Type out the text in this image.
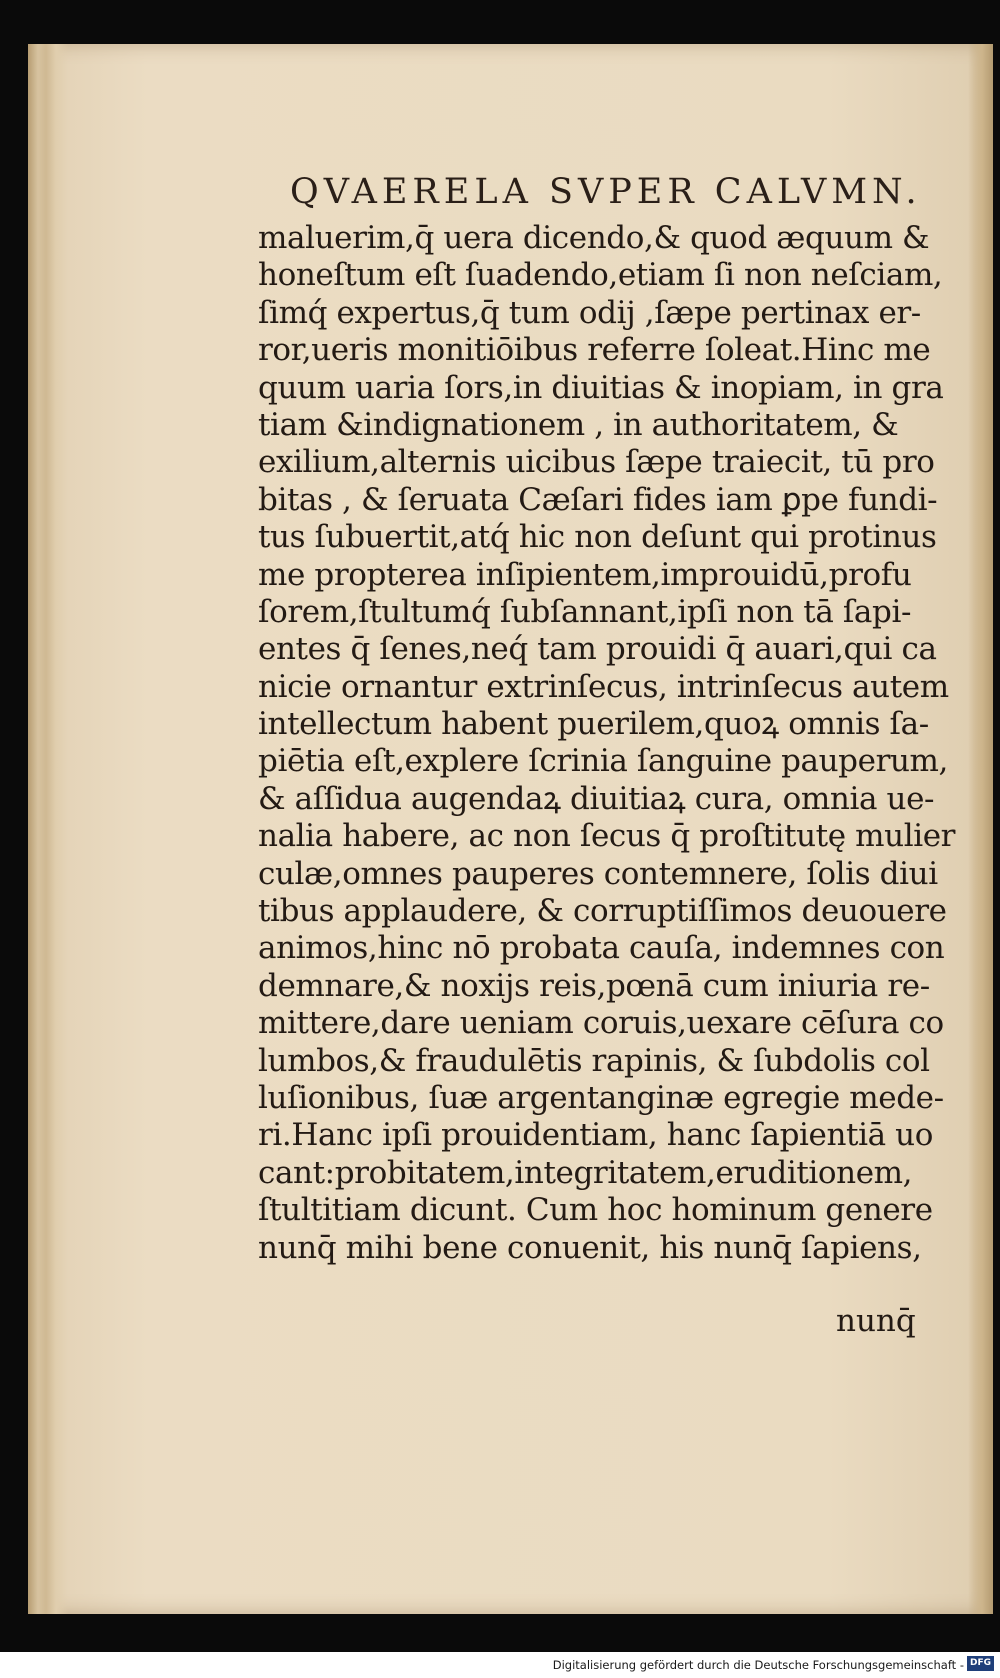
QVAERELA SVPER CALVMN.
maluerim,q̄ uera dicendo,& quod æquum &
honeſtum eſt ſuadendo,etiam ſi non neſciam,
ſimq́ expertus,q̄ tum odij ,ſæpe pertinax er-
ror,ueris monitiōibus referre ſoleat.Hinc me
quum uaria ſors,in diuitias & inopiam, in gra
tiam &indignationem , in authoritatem, &
exilium,alternis uicibus ſæpe traiecit, tū pro
bitas , & ſeruata Cæſari fides iam ꝑpe fundi-
tus ſubuertit,atq́ hic non deſunt qui protinus
me propterea inſipientem,improuidū,profu
ſorem,ſtultumq́ ſubſannant,ipſi non tā ſapi-
entes q̄ ſenes,neq́ tam prouidi q̄ auari,qui ca
nicie ornantur extrinſecus, intrinſecus autem
intellectum habent puerilem,quoꝝ omnis ſa-
piētia eſt,explere ſcrinia ſanguine pauperum,
& aſſidua augendaꝝ diuitiaꝝ cura, omnia ue-
nalia habere, ac non ſecus q̄ proſtitutę mulier
culæ,omnes pauperes contemnere, ſolis diui
tibus applaudere, & corruptiſſimos deuouere
animos,hinc nō probata cauſa, indemnes con
demnare,& noxijs reis,pœnā cum iniuria re-
mittere,dare ueniam coruis,uexare cēſura co
lumbos,& fraudulētis rapinis, & ſubdolis col
luſionibus, ſuæ argentanginæ egregie mede-
ri.Hanc ipſi prouidentiam, hanc ſapientiā uo
cant:probitatem,integritatem,eruditionem,
ſtultitiam dicunt. Cum hoc hominum genere
nunq̄ mihi bene conuenit, his nunq̄ ſapiens,
nunq̄
Digitalisierung gefördert durch die Deutsche Forschungsgemeinschaft - DFG
